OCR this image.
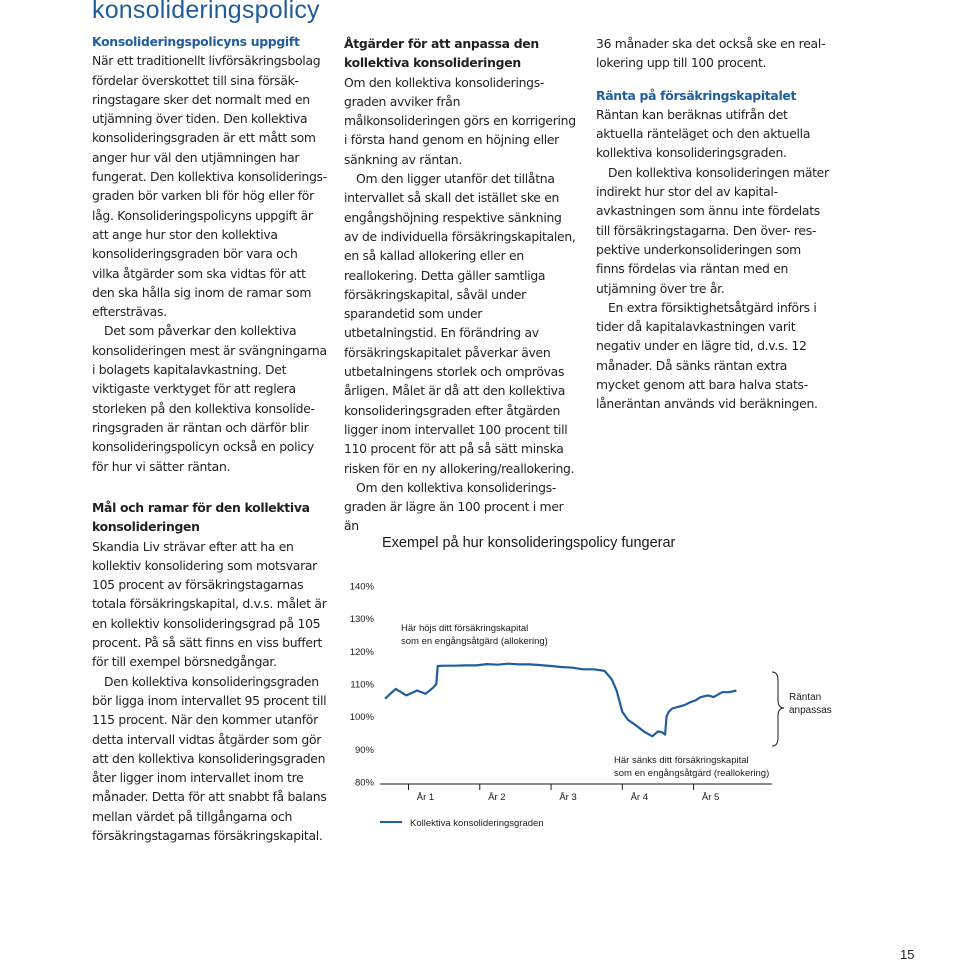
konsolideringspolicy
Konsolideringspolicyns uppgift

När ett traditionellt livförsäkringsbolag fördelar överskottet till sina försäkringstagare sker det normalt med en utjämning över tiden. Den kollektiva konsolideringsgraden är ett mått som anger hur väl den utjämningen har fungerat. Den kollektiva konsolideringsgraden bör varken bli för hög eller för låg. Konsolideringspolicyns uppgift är att ange hur stor den kollektiva konsolideringsgraden bör vara och vilka åtgärder som ska vidtas för att den ska hålla sig inom de ramar som eftersträvas.

Det som påverkar den kollektiva konsolideringen mest är svängningarna i bolagets kapitalavkastning. Det viktigaste verktyget för att reglera storleken på den kollektiva konsolideringsgraden är räntan och därför blir konsolideringspolicyn också en policy för hur vi sätter räntan.

Mål och ramar för den kollektiva konsolideringen

Skandia Liv strävar efter att ha en kollektiv konsolidering som motsvarar 105 procent av försäkringstagarnas totala försäkringskapital, d.v.s. målet är en kollektiv konsolideringsgrad på 105 procent. På så sätt finns en viss buffert för till exempel börsnedgångar.

Den kollektiva konsolideringsgraden bör ligga inom intervallet 95 procent till 115 procent. När den kommer utanför detta intervall vidtas åtgärder som gör att den kollektiva konsolideringsgraden åter ligger inom intervallet inom tre månader. Detta för att snabbt få balans mellan värdet på tillgångarna och försäkringstagarnas försäkringskapital.

Åtgärder för att anpassa den kollektiva konsolideringen

Om den kollektiva konsolideringsgraden avviker från målkonsolideringen görs en korrigering i första hand genom en höjning eller sänkning av räntan.

Om den ligger utanför det tillåtna intervallet så skall det istället ske en engångshöjning respektive sänkning av de individuella försäkringskapitalen, en så kallad allokering eller en reallokering. Detta gäller samtliga försäkringskapital, såväl under sparandetid som under utbetalningstid. En förändring av försäkringskapitalet påverkar även utbetalningens storlek och omprövas årligen. Målet är då att den kollektiva konsolideringsgraden efter åtgärden ligger inom intervallet 100 procent till 110 procent för att på så sätt minska risken för en ny allokering/reallokering.

Om den kollektiva konsolideringsgraden är lägre än 100 procent i mer än

36 månader ska det också ske en reallokering upp till 100 procent.

Ränta på försäkringskapitalet

Räntan kan beräknas utifrån det aktuella ränteläget och den aktuella kollektiva konsolideringsgraden.

Den kollektiva konsolideringen mäter indirekt hur stor del av kapitalavkastningen som ännu inte fördelats till försäkringstagarna. Den över- respektive underkonsolideringen som finns fördelas via räntan med en utjämning över tre år.

En extra försiktighetsåtgärd införs i tider då kapitalavkastningen varit negativ under en lägre tid, d.v.s. 12 månader. Då sänks räntan extra mycket genom att bara halva statslåneräntan används vid beräkningen.

Exempel på hur konsolideringspolicy fungerar
140%
130%
120%
110%
100%
90%
80%
År 1	År 2	År 3	År 4	År 5
Här höjs ditt försäkringskapital
som en engångsåtgärd (allokering)
Här sänks ditt försäkringskapital
som en engångsåtgärd (reallokering)
Räntan
anpassas
Kollektiva konsolideringsgraden
15
